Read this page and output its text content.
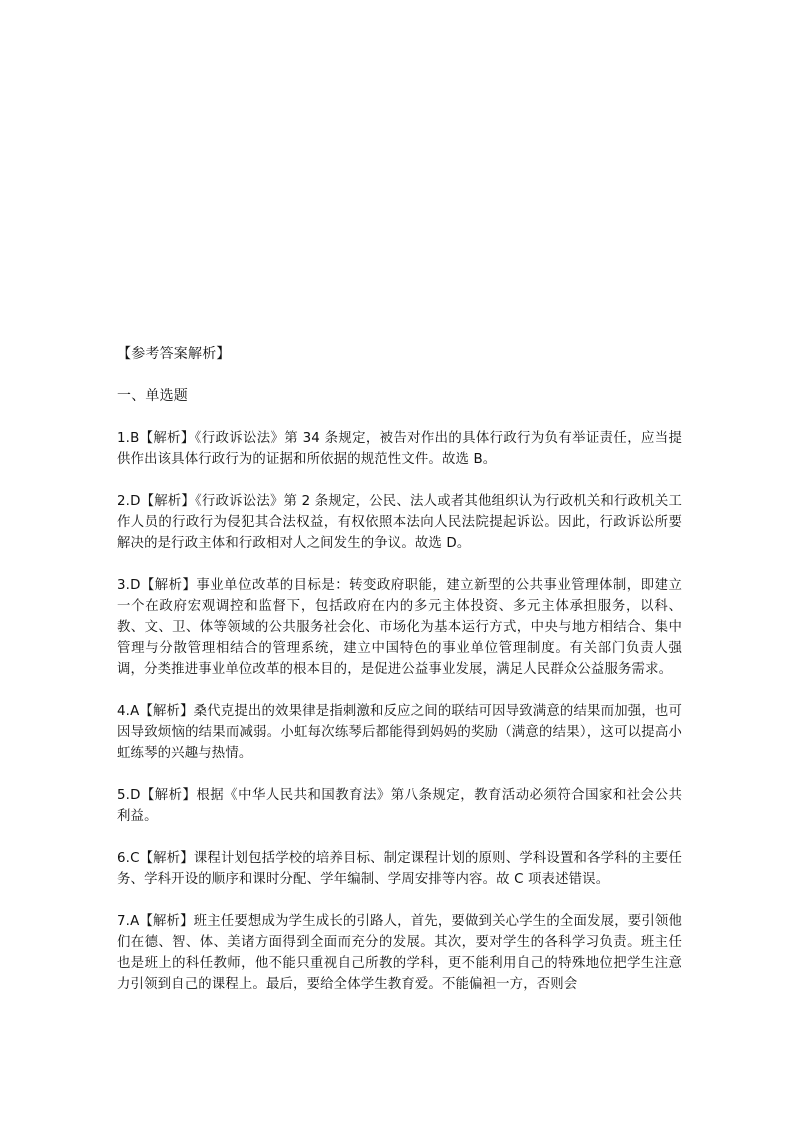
【参考答案解析】

一、单选题

1.B【解析】《行政诉讼法》第 34 条规定，被告对作出的具体行政行为负有举证责任，应当提供作出该具体行政行为的证据和所依据的规范性文件。故选 B。

2.D【解析】《行政诉讼法》第 2 条规定，公民、法人或者其他组织认为行政机关和行政机关工作人员的行政行为侵犯其合法权益，有权依照本法向人民法院提起诉讼。因此，行政诉讼所要解决的是行政主体和行政相对人之间发生的争议。故选 D。

3.D【解析】事业单位改革的目标是：转变政府职能，建立新型的公共事业管理体制，即建立一个在政府宏观调控和监督下，包括政府在内的多元主体投资、多元主体承担服务，以科、教、文、卫、体等领域的公共服务社会化、市场化为基本运行方式，中央与地方相结合、集中管理与分散管理相结合的管理系统，建立中国特色的事业单位管理制度。有关部门负责人强调，分类推进事业单位改革的根本目的，是促进公益事业发展，满足人民群众公益服务需求。

4.A【解析】桑代克提出的效果律是指刺激和反应之间的联结可因导致满意的结果而加强，也可因导致烦恼的结果而减弱。小虹每次练琴后都能得到妈妈的奖励（满意的结果），这可以提高小虹练琴的兴趣与热情。

5.D【解析】根据《中华人民共和国教育法》第八条规定，教育活动必须符合国家和社会公共利益。

6.C【解析】课程计划包括学校的培养目标、制定课程计划的原则、学科设置和各学科的主要任务、学科开设的顺序和课时分配、学年编制、学周安排等内容。故 C 项表述错误。

7.A【解析】班主任要想成为学生成长的引路人，首先，要做到关心学生的全面发展，要引领他们在德、智、体、美诸方面得到全面而充分的发展。其次，要对学生的各科学习负责。班主任也是班上的科任教师，他不能只重视自己所教的学科，更不能利用自己的特殊地位把学生注意力引领到自己的课程上。最后，要给全体学生教育爱。不能偏袒一方，否则会
